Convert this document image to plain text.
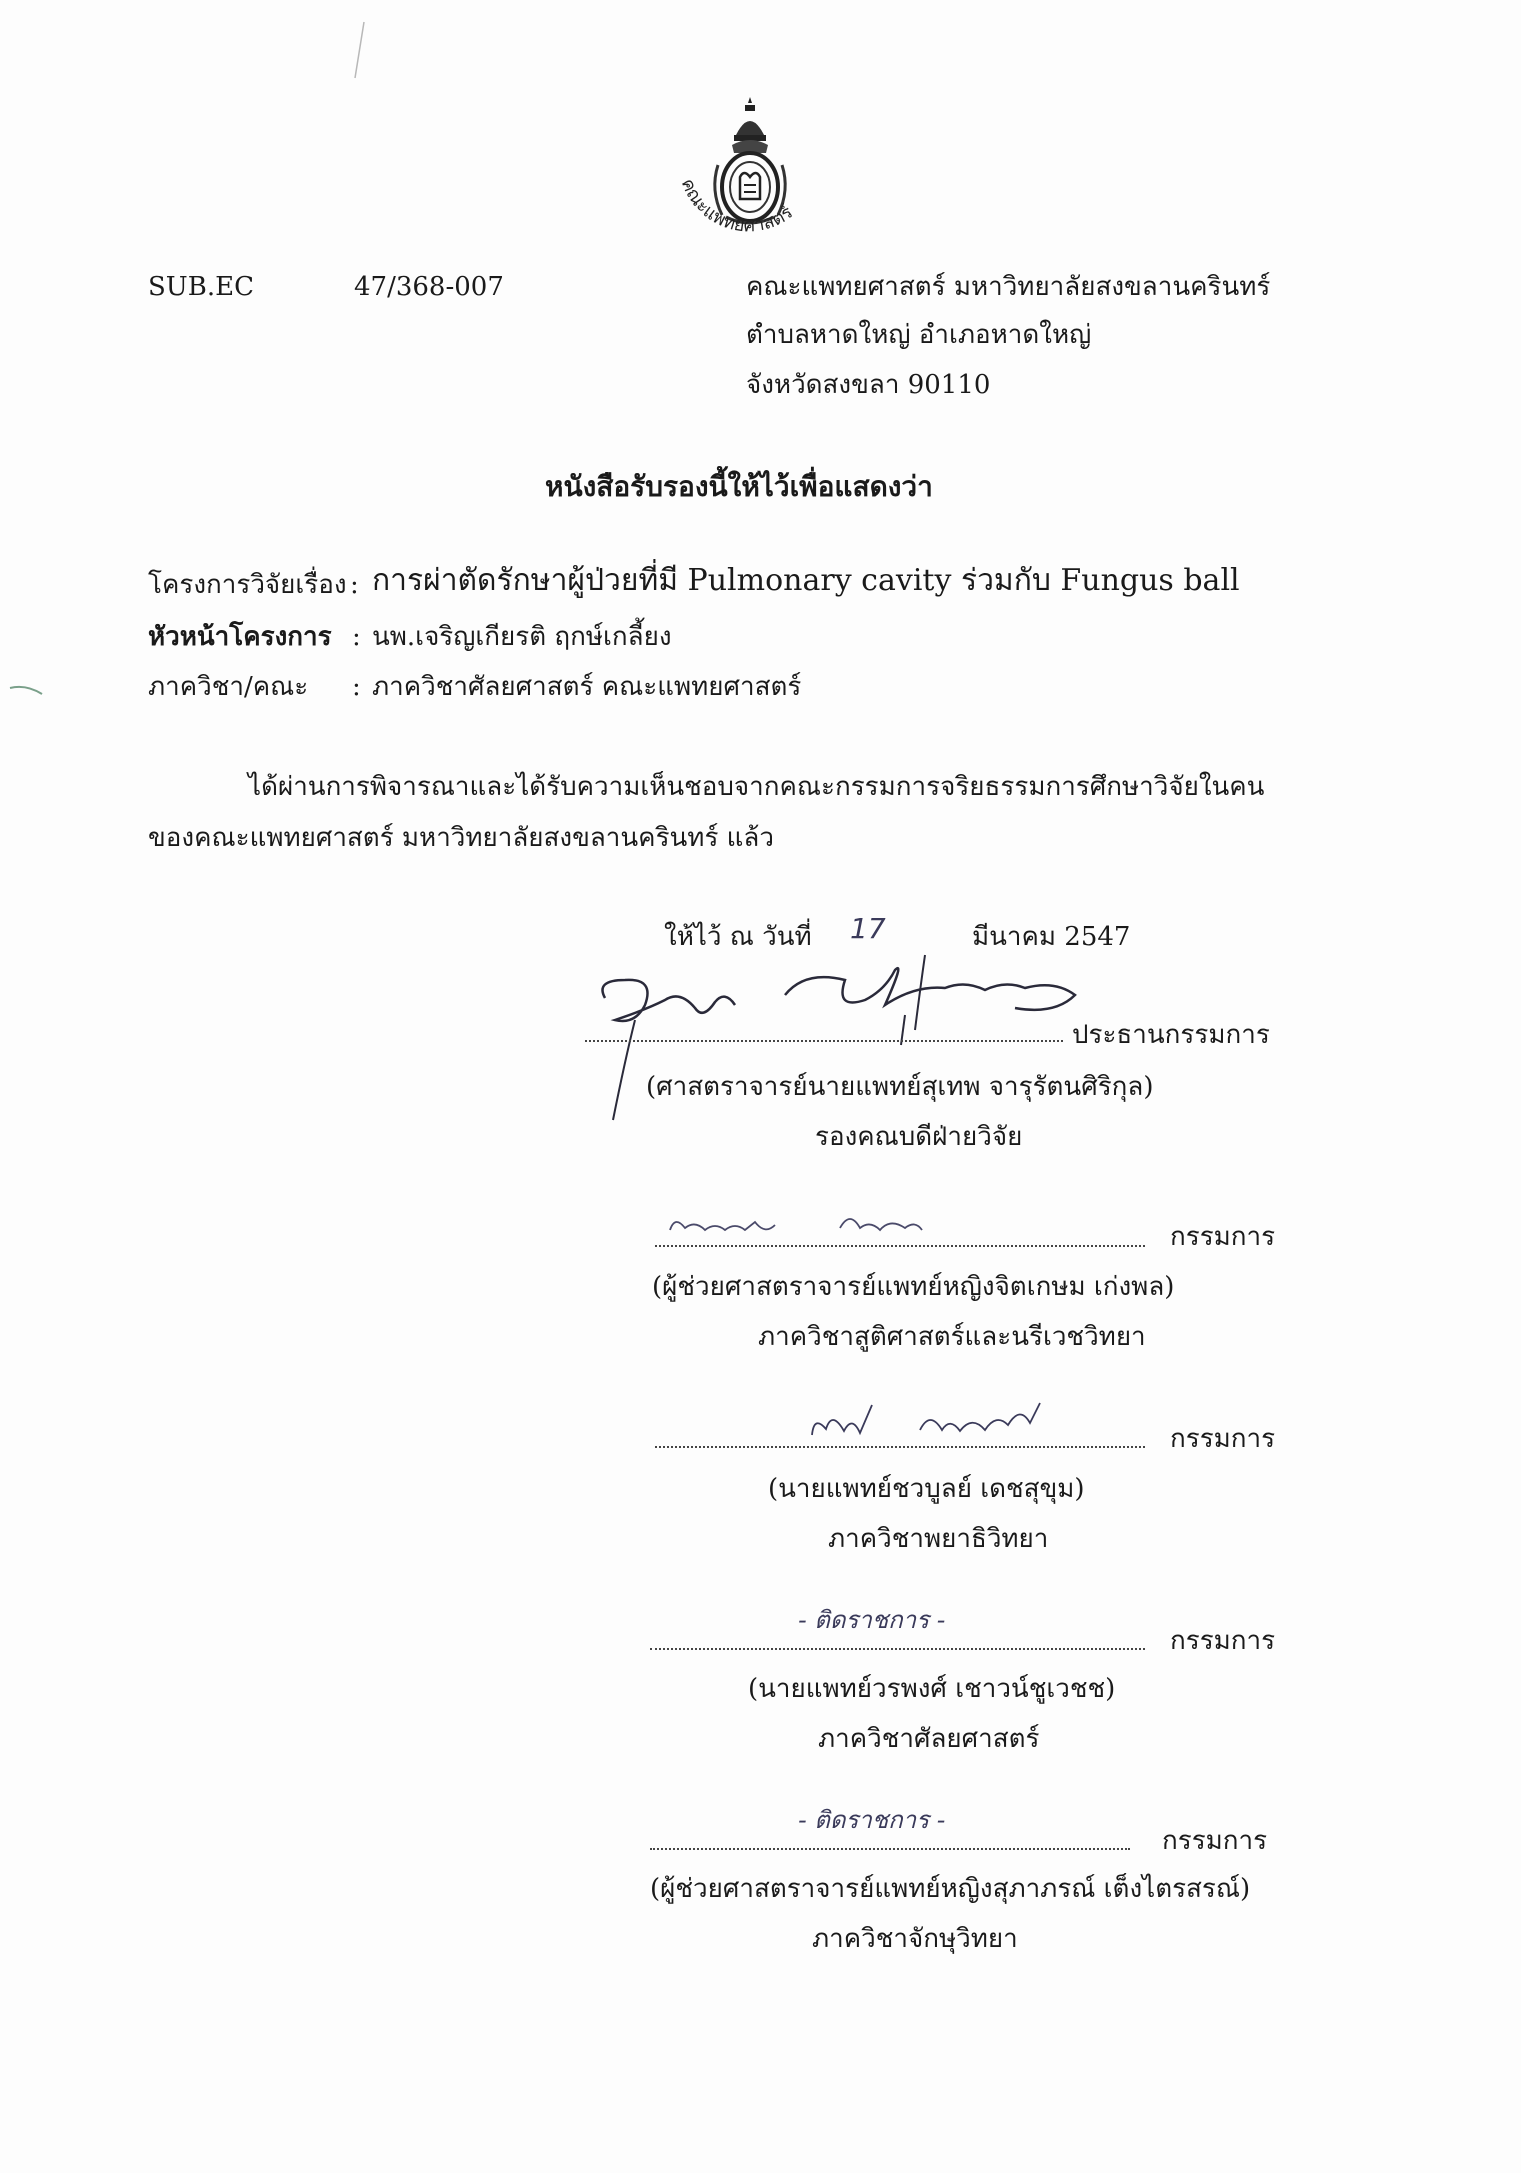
คณะแพทยศาสตร์
SUB.EC	47/368-007	คณะแพทยศาสตร์ มหาวิทยาลัยสงขลานครินทร์
ตำบลหาดใหญ่ อำเภอหาดใหญ่
จังหวัดสงขลา 90110
หนังสือรับรองนี้ให้ไว้เพื่อแสดงว่า
โครงการวิจัยเรื่อง : การผ่าตัดรักษาผู้ป่วยที่มี Pulmonary cavity ร่วมกับ Fungus ball
หัวหน้าโครงการ : นพ.เจริญเกียรติ ฤกษ์เกลี้ยง
ภาควิชา/คณะ : ภาควิชาศัลยศาสตร์ คณะแพทยศาสตร์
ได้ผ่านการพิจารณาและได้รับความเห็นชอบจากคณะกรรมการจริยธรรมการศึกษาวิจัยในคน
ของคณะแพทยศาสตร์ มหาวิทยาลัยสงขลานครินทร์ แล้ว
ให้ไว้ ณ วันที่ 17	มีนาคม 2547
ประธานกรรมการ
(ศาสตราจารย์นายแพทย์สุเทพ จารุรัตนศิริกุล)
รองคณบดีฝ่ายวิจัย
กรรมการ
(ผู้ช่วยศาสตราจารย์แพทย์หญิงจิตเกษม เก่งพล)
ภาควิชาสูติศาสตร์และนรีเวชวิทยา
กรรมการ
(นายแพทย์ชวบูลย์ เดชสุขุม)
ภาควิชาพยาธิวิทยา
- ติดราชการ -
กรรมการ
(นายแพทย์วรพงศ์ เชาวน์ชูเวชช)
ภาควิชาศัลยศาสตร์
- ติดราชการ -
กรรมการ
(ผู้ช่วยศาสตราจารย์แพทย์หญิงสุภาภรณ์ เต็งไตรสรณ์)
ภาควิชาจักษุวิทยา
